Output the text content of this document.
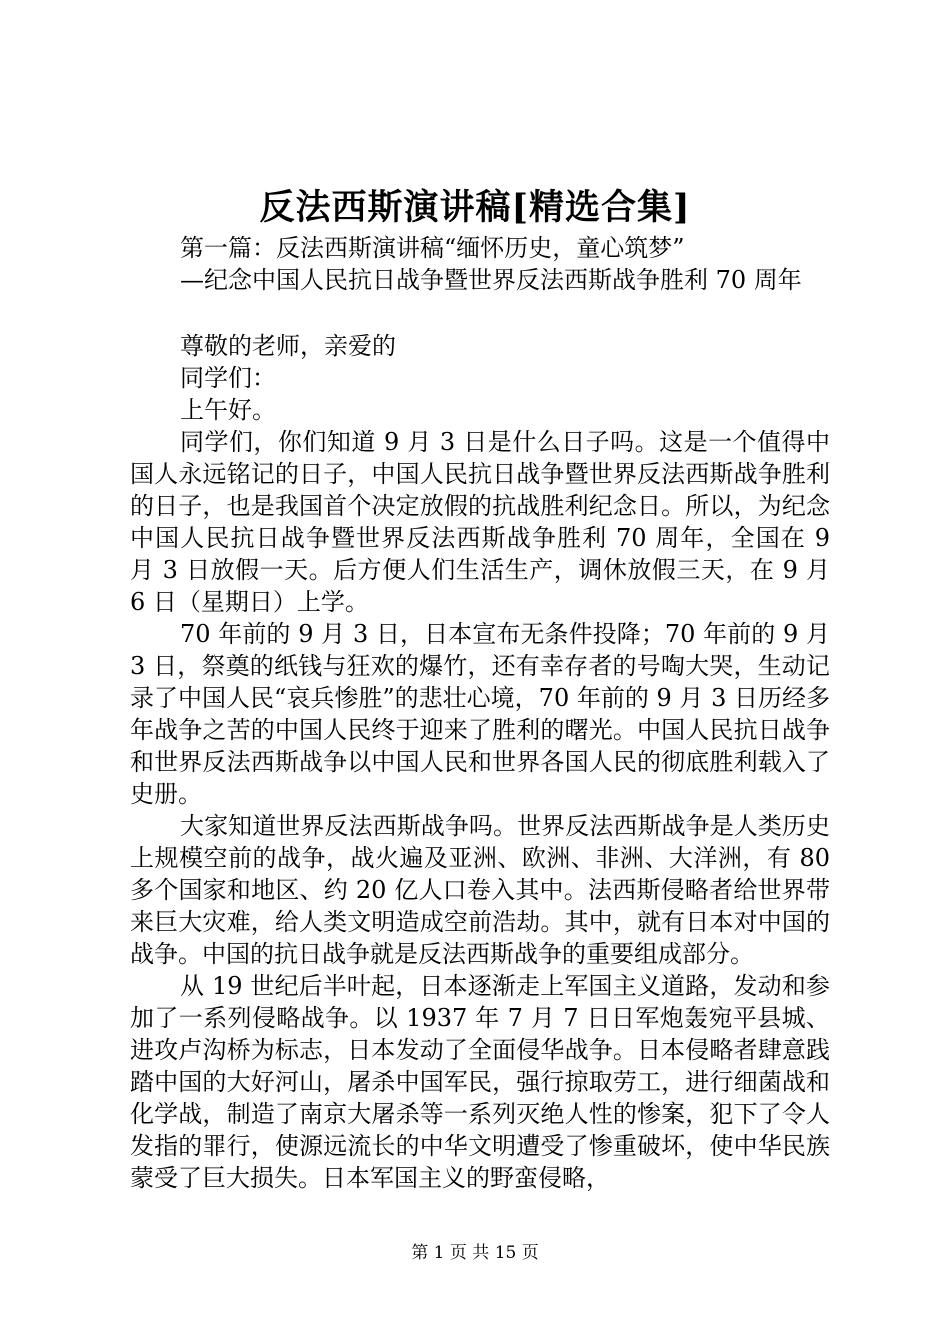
反法西斯演讲稿[精选合集]
第一篇：反法西斯演讲稿“缅怀历史，童心筑梦”
—纪念中国人民抗日战争暨世界反法西斯战争胜利 70 周年
尊敬的老师，亲爱的
同学们：
上午好。

同学们，你们知道 9 月 3 日是什么日子吗。这是一个值得中国人永远铭记的日子，中国人民抗日战争暨世界反法西斯战争胜利的日子，也是我国首个决定放假的抗战胜利纪念日。所以，为纪念中国人民抗日战争暨世界反法西斯战争胜利 70 周年，全国在 9 月 3 日放假一天。后方便人们生活生产，调休放假三天，在 9 月 6 日（星期日）上学。

70 年前的 9 月 3 日，日本宣布无条件投降；70 年前的 9 月 3 日，祭奠的纸钱与狂欢的爆竹，还有幸存者的号啕大哭，生动记录了中国人民“哀兵惨胜”的悲壮心境，70 年前的 9 月 3 日历经多年战争之苦的中国人民终于迎来了胜利的曙光。中国人民抗日战争和世界反法西斯战争以中国人民和世界各国人民的彻底胜利载入了史册。

大家知道世界反法西斯战争吗。世界反法西斯战争是人类历史上规模空前的战争，战火遍及亚洲、欧洲、非洲、大洋洲，有 80 多个国家和地区、约 20 亿人口卷入其中。法西斯侵略者给世界带来巨大灾难，给人类文明造成空前浩劫。其中，就有日本对中国的战争。中国的抗日战争就是反法西斯战争的重要组成部分。

从 19 世纪后半叶起，日本逐渐走上军国主义道路，发动和参加了一系列侵略战争。以 1937 年 7 月 7 日日军炮轰宛平县城、进攻卢沟桥为标志，日本发动了全面侵华战争。日本侵略者肆意践踏中国的大好河山，屠杀中国军民，强行掠取劳工，进行细菌战和化学战，制造了南京大屠杀等一系列灭绝人性的惨案，犯下了令人发指的罪行，使源远流长的中华文明遭受了惨重破坏，使中华民族蒙受了巨大损失。日本军国主义的野蛮侵略，

第 1 页 共 15 页
